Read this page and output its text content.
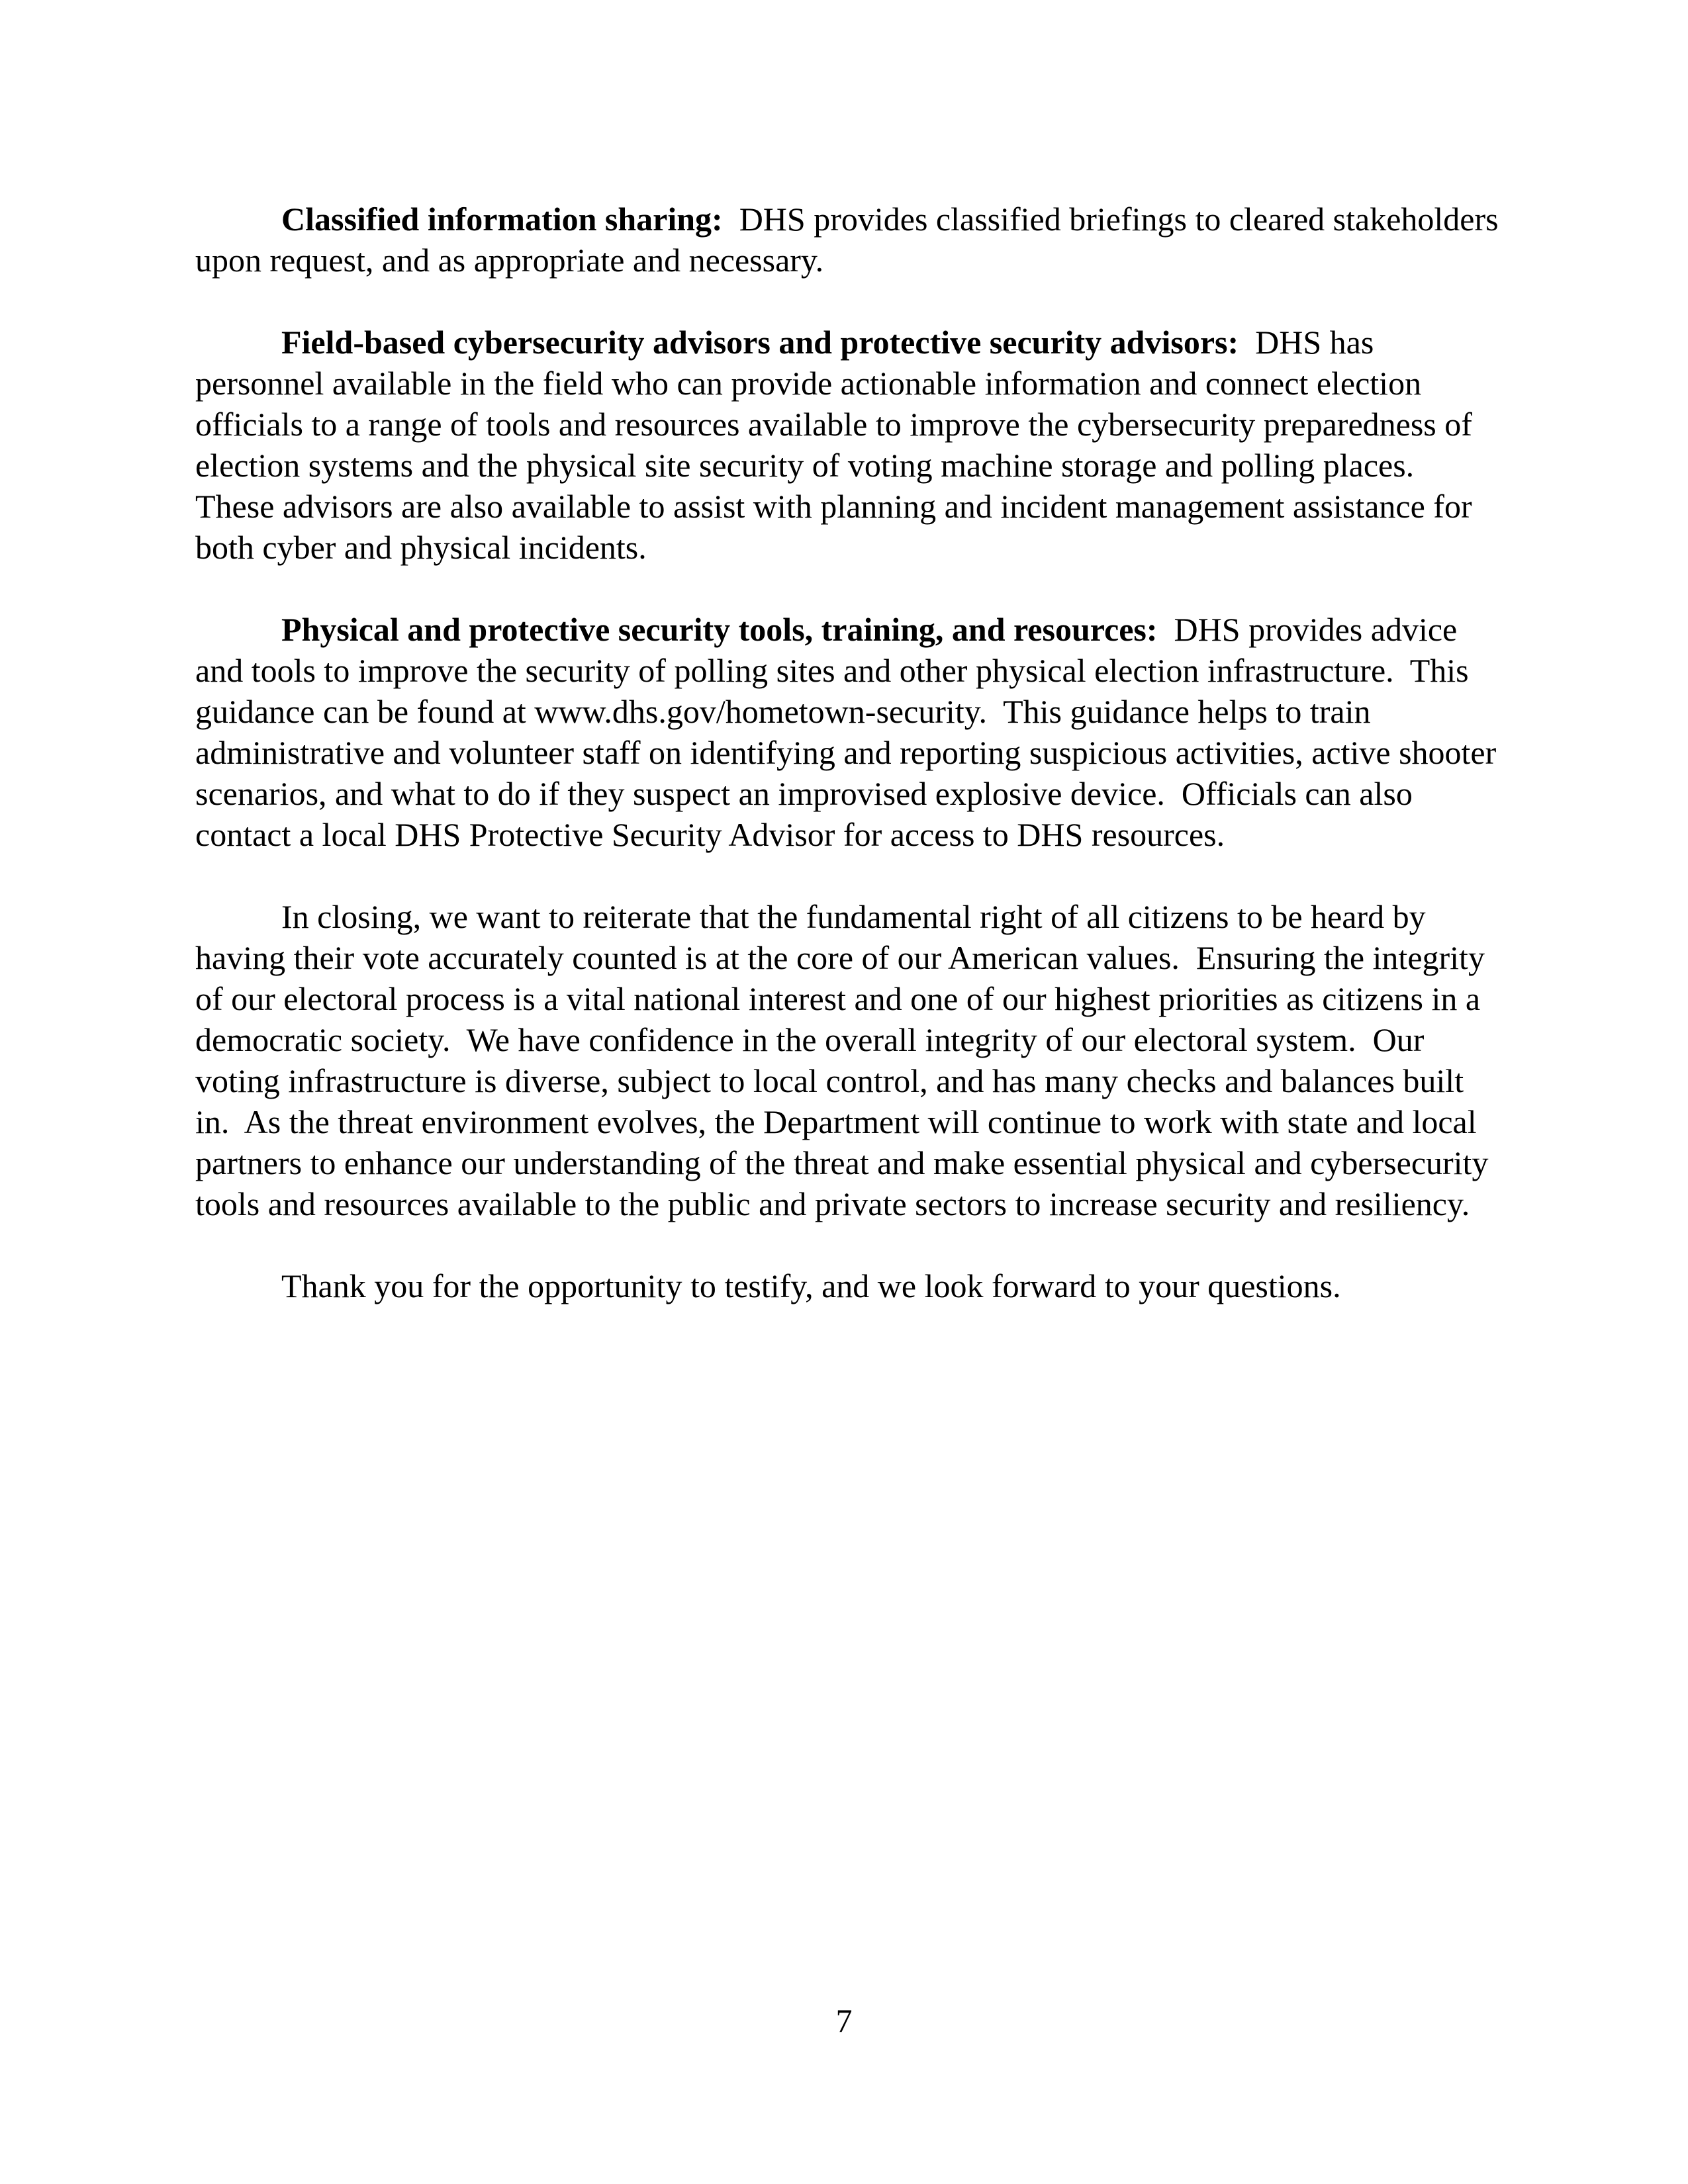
Classified information sharing:  DHS provides classified briefings to cleared stakeholders upon request, and as appropriate and necessary.

Field-based cybersecurity advisors and protective security advisors:  DHS has personnel available in the field who can provide actionable information and connect election officials to a range of tools and resources available to improve the cybersecurity preparedness of election systems and the physical site security of voting machine storage and polling places.  These advisors are also available to assist with planning and incident management assistance for both cyber and physical incidents.

Physical and protective security tools, training, and resources:  DHS provides advice and tools to improve the security of polling sites and other physical election infrastructure.  This guidance can be found at www.dhs.gov/hometown-security.  This guidance helps to train administrative and volunteer staff on identifying and reporting suspicious activities, active shooter scenarios, and what to do if they suspect an improvised explosive device.  Officials can also contact a local DHS Protective Security Advisor for access to DHS resources.

In closing, we want to reiterate that the fundamental right of all citizens to be heard by having their vote accurately counted is at the core of our American values.  Ensuring the integrity of our electoral process is a vital national interest and one of our highest priorities as citizens in a democratic society.  We have confidence in the overall integrity of our electoral system.  Our voting infrastructure is diverse, subject to local control, and has many checks and balances built in.  As the threat environment evolves, the Department will continue to work with state and local partners to enhance our understanding of the threat and make essential physical and cybersecurity tools and resources available to the public and private sectors to increase security and resiliency.

Thank you for the opportunity to testify, and we look forward to your questions.

7
